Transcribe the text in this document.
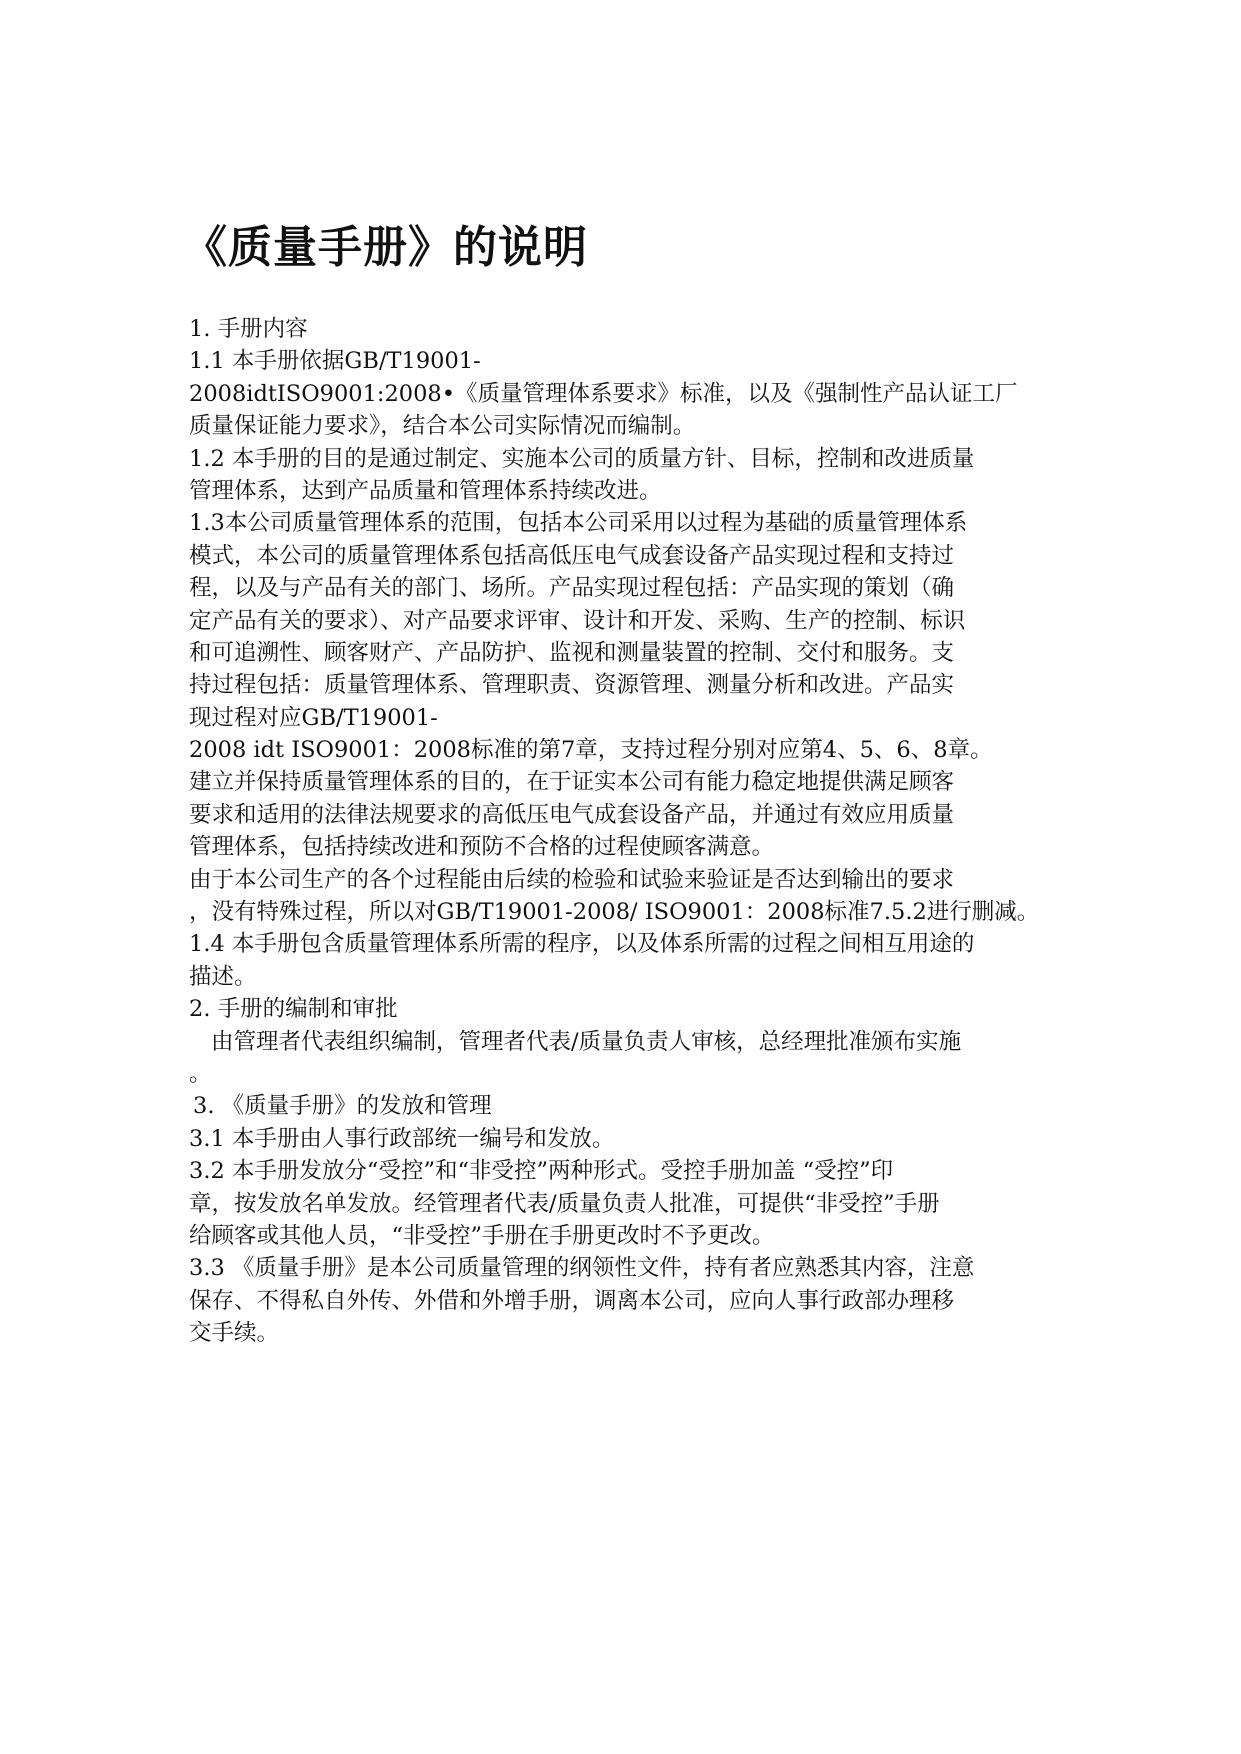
《质量手册》的说明
1. 手册内容
1.1 本手册依据GB/T19001-
2008idtISO9001:2008•《质量管理体系要求》标准，以及《强制性产品认证工厂
质量保证能力要求》，结合本公司实际情况而编制。
1.2 本手册的目的是通过制定、实施本公司的质量方针、目标，控制和改进质量
管理体系，达到产品质量和管理体系持续改进。
1.3本公司质量管理体系的范围，包括本公司采用以过程为基础的质量管理体系
模式，本公司的质量管理体系包括高低压电气成套设备产品实现过程和支持过
程，以及与产品有关的部门、场所。产品实现过程包括：产品实现的策划（确
定产品有关的要求）、对产品要求评审、设计和开发、采购、生产的控制、标识
和可追溯性、顾客财产、产品防护、监视和测量装置的控制、交付和服务。支
持过程包括：质量管理体系、管理职责、资源管理、测量分析和改进。产品实
现过程对应GB/T19001-
2008 idt ISO9001：2008标准的第7章，支持过程分别对应第4、5、6、8章。
建立并保持质量管理体系的目的，在于证实本公司有能力稳定地提供满足顾客
要求和适用的法律法规要求的高低压电气成套设备产品，并通过有效应用质量
管理体系，包括持续改进和预防不合格的过程使顾客满意。
由于本公司生产的各个过程能由后续的检验和试验来验证是否达到输出的要求
，没有特殊过程，所以对GB/T19001-2008/ ISO9001：2008标准7.5.2进行删减。
1.4 本手册包含质量管理体系所需的程序，以及体系所需的过程之间相互用途的
描述。
2. 手册的编制和审批
由管理者代表组织编制，管理者代表/质量负责人审核，总经理批准颁布实施
。
3. 《质量手册》的发放和管理
3.1 本手册由人事行政部统一编号和发放。
3.2 本手册发放分“受控”和“非受控”两种形式。受控手册加盖 “受控”印
章，按发放名单发放。经管理者代表/质量负责人批准，可提供“非受控”手册
给顾客或其他人员，“非受控”手册在手册更改时不予更改。
3.3 《质量手册》是本公司质量管理的纲领性文件，持有者应熟悉其内容，注意
保存、不得私自外传、外借和外增手册，调离本公司，应向人事行政部办理移
交手续。
